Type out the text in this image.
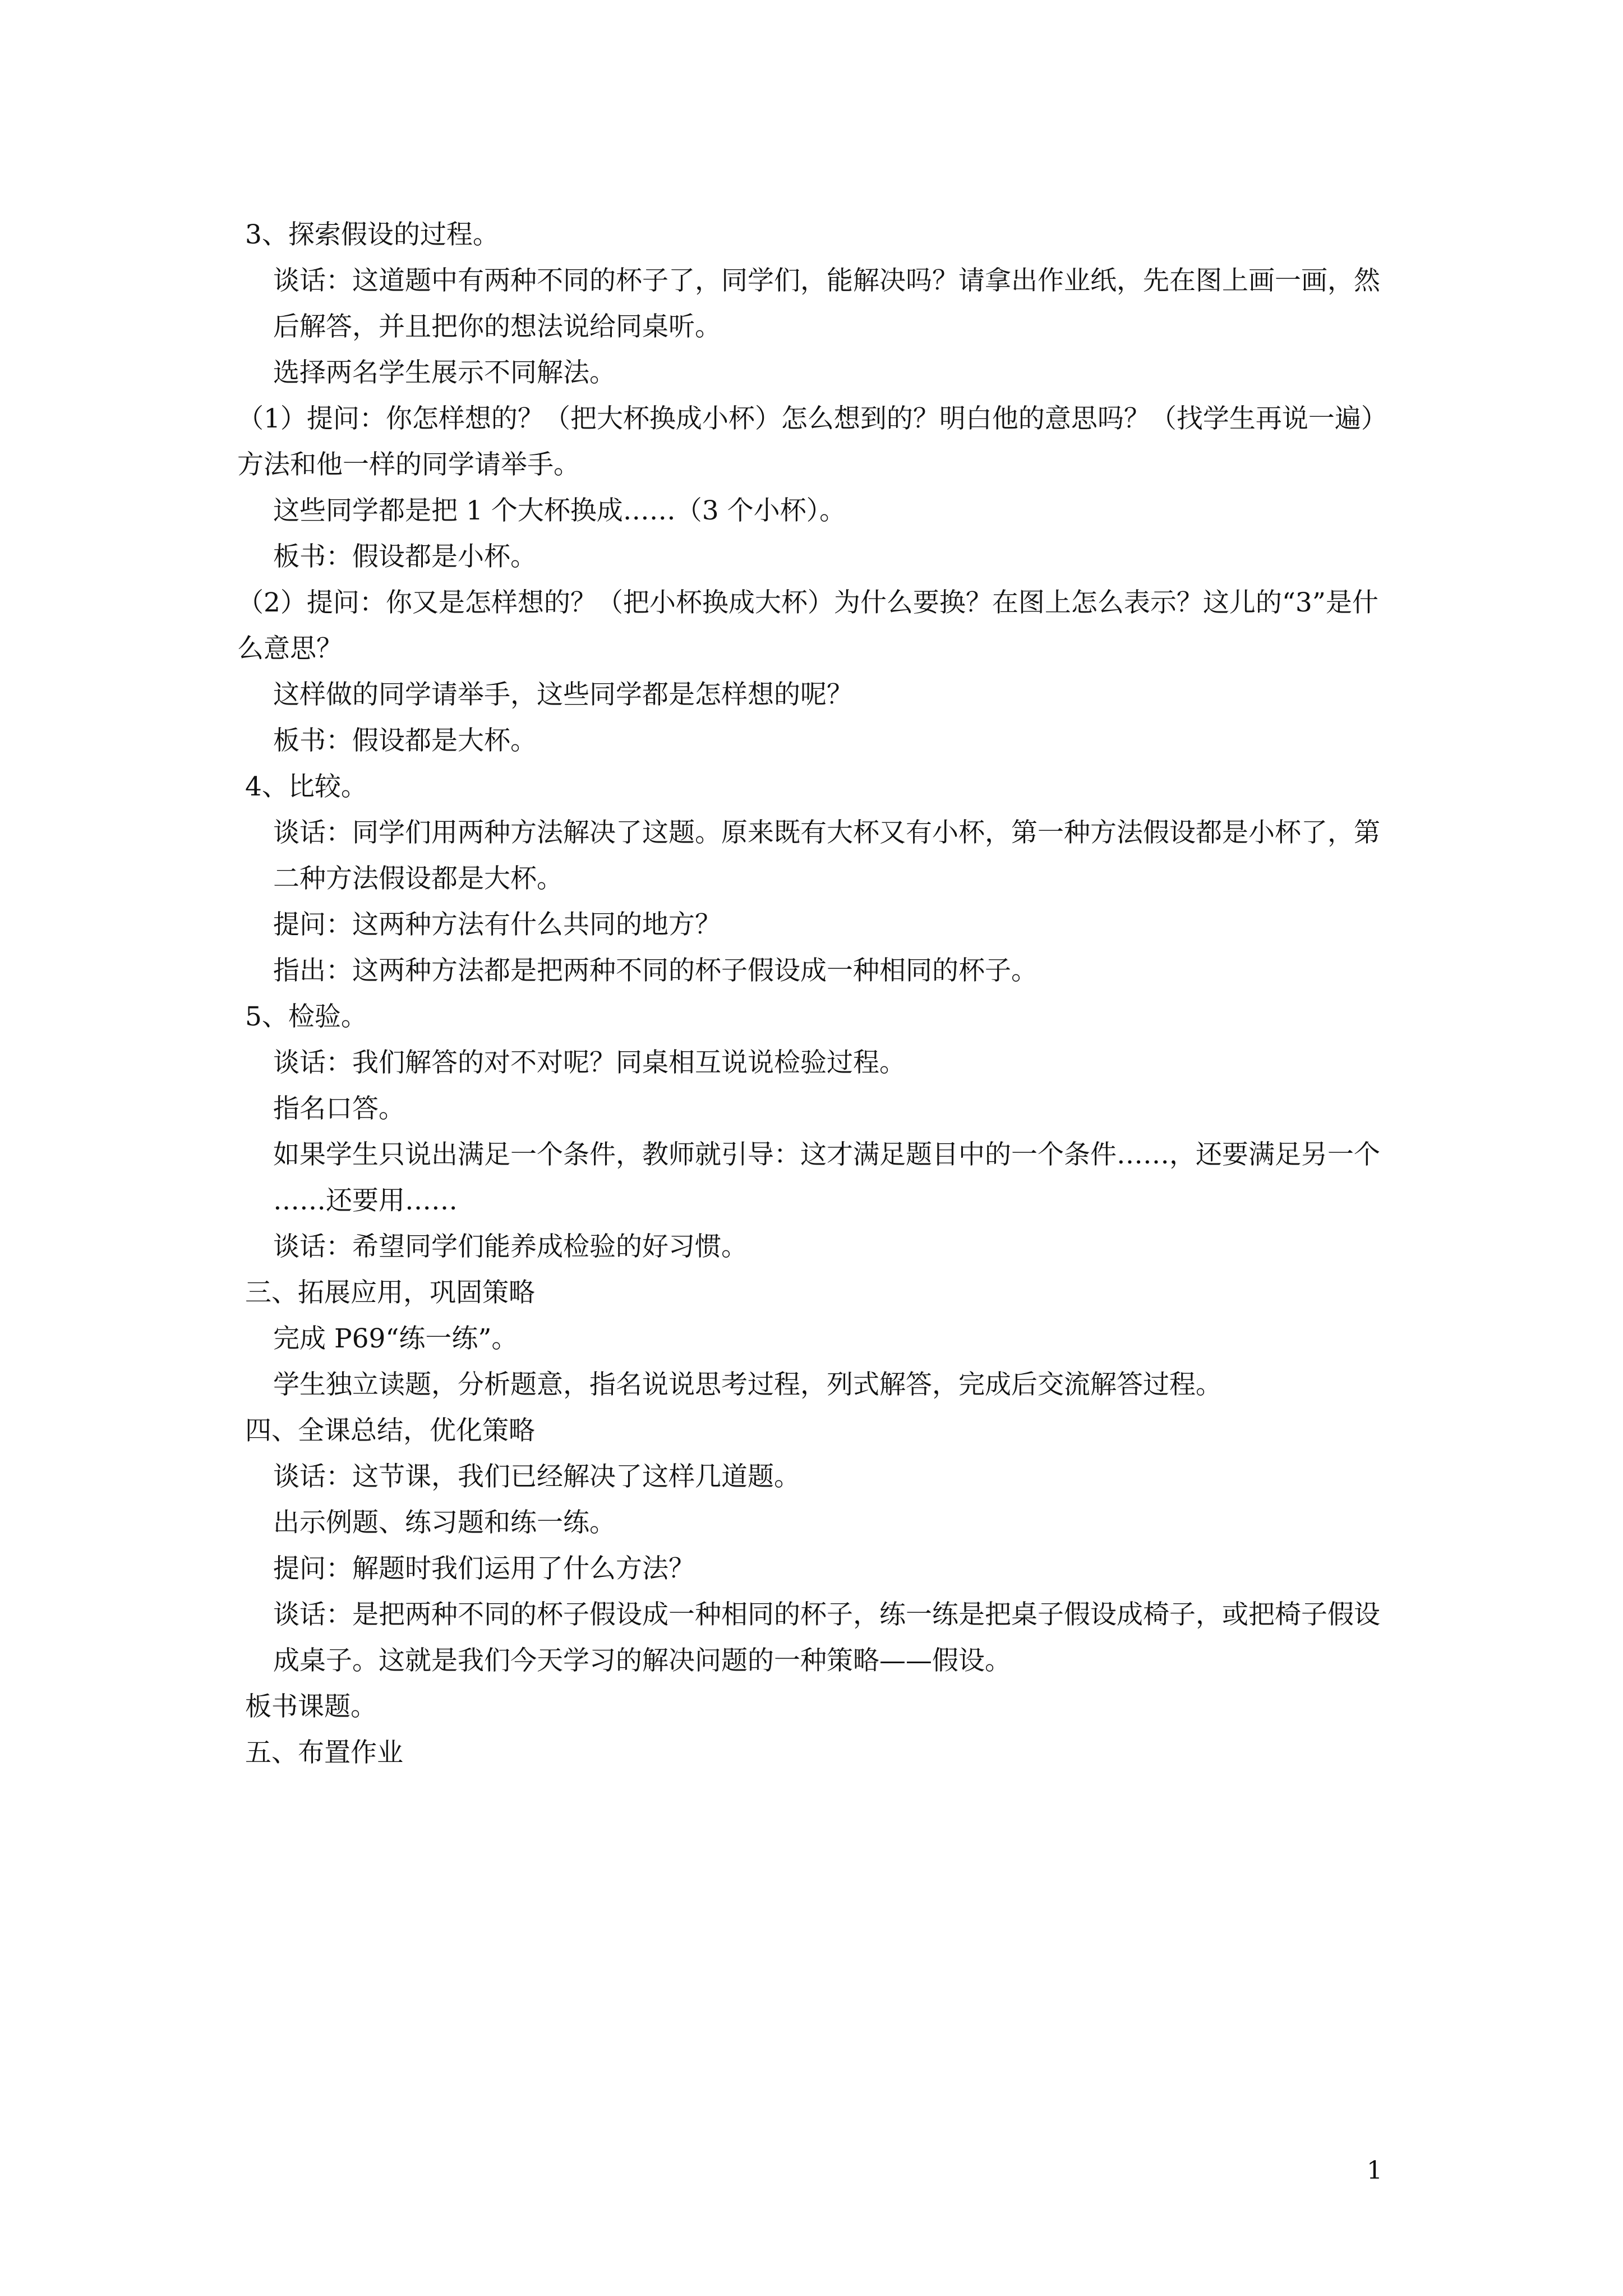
3、探索假设的过程。

谈话：这道题中有两种不同的杯子了，同学们，能解决吗？请拿出作业纸，先在图上画一画，然后解答，并且把你的想法说给同桌听。

选择两名学生展示不同解法。

（1）提问：你怎样想的？（把大杯换成小杯）怎么想到的？明白他的意思吗？（找学生再说一遍）方法和他一样的同学请举手。

这些同学都是把 1 个大杯换成……（3 个小杯）。

板书：假设都是小杯。

（2）提问：你又是怎样想的？（把小杯换成大杯）为什么要换？在图上怎么表示？这儿的“3”是什么意思？

这样做的同学请举手，这些同学都是怎样想的呢？

板书：假设都是大杯。

4、比较。

谈话：同学们用两种方法解决了这题。原来既有大杯又有小杯，第一种方法假设都是小杯了，第二种方法假设都是大杯。

提问：这两种方法有什么共同的地方？

指出：这两种方法都是把两种不同的杯子假设成一种相同的杯子。

5、检验。

谈话：我们解答的对不对呢？同桌相互说说检验过程。

指名口答。

如果学生只说出满足一个条件，教师就引导：这才满足题目中的一个条件……，还要满足另一个……还要用……

谈话：希望同学们能养成检验的好习惯。

三、拓展应用，巩固策略

完成 P69“练一练”。

学生独立读题，分析题意，指名说说思考过程，列式解答，完成后交流解答过程。

四、全课总结，优化策略

谈话：这节课，我们已经解决了这样几道题。

出示例题、练习题和练一练。

提问：解题时我们运用了什么方法？

谈话：是把两种不同的杯子假设成一种相同的杯子，练一练是把桌子假设成椅子，或把椅子假设成桌子。这就是我们今天学习的解决问题的一种策略——假设。

板书课题。

五、布置作业

1
